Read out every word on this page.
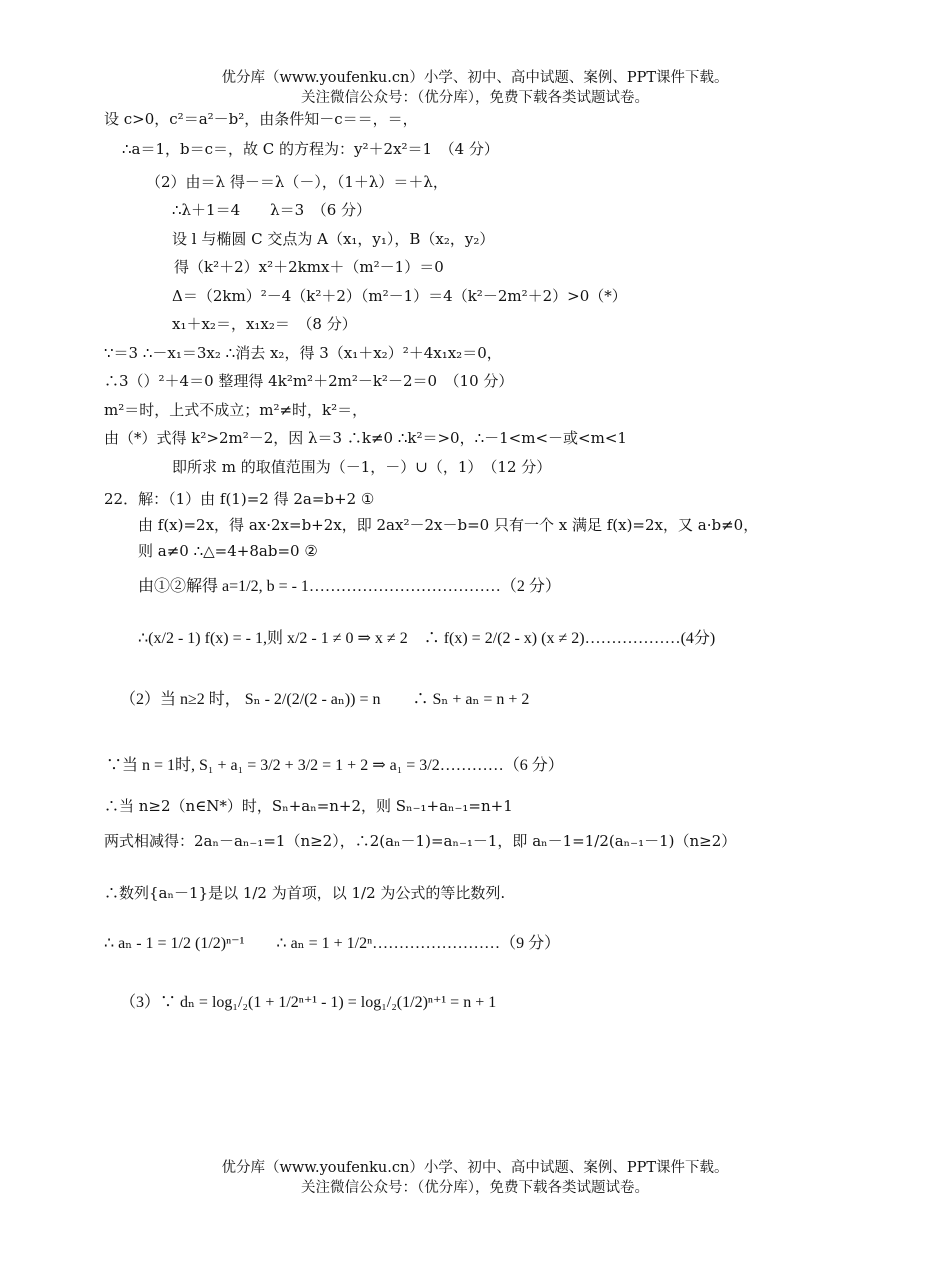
优分库（www.youfenku.cn）小学、初中、高中试题、案例、PPT课件下载。
关注微信公众号：（优分库），免费下载各类试题试卷。
设 c>0，c²＝a²－b²，由条件知－c＝＝，＝，
∴a＝1，b＝c＝，故 C 的方程为：y²＋2x²＝1　（4 分）
（2）由＝λ 得－＝λ（－），（1＋λ）＝＋λ，
∴λ＋1＝4　　λ＝3　（6 分）
设 l 与椭圆 C 交点为 A（x₁，y₁），B（x₂，y₂）
得（k²＋2）x²＋2kmx＋（m²－1）＝0
Δ＝（2km）²－4（k²＋2）（m²－1）＝4（k²－2m²＋2）>0（*）
x₁＋x₂＝，x₁x₂＝　（8 分）
∵＝3 ∴－x₁＝3x₂ ∴消去 x₂，得 3（x₁＋x₂）²＋4x₁x₂＝0，
∴3（）²＋4＝0 整理得 4k²m²＋2m²－k²－2＝0　（10 分）
m²＝时，上式不成立；m²≠时，k²＝，
由（*）式得 k²>2m²－2，因 λ＝3 ∴k≠0 ∴k²＝>0，∴－1<m<－或<m<1
即所求 m 的取值范围为（－1，－）∪（，1）　（12 分）
22．解：（1）由 f(1)=2 得 2a=b+2 ①
由 f(x)=2x，得 ax·2x=b+2x，即 2ax²－2x－b=0 只有一个 x 满足 f(x)=2x，又 a·b≠0，
则 a≠0 ∴△=4+8ab=0 ②
由①②解得 a=1/2, b = - 1………………………………（2 分）
∴(x/2 - 1) f(x) = - 1,则 x/2 - 1 ≠ 0 ⇒ x ≠ 2　∴ f(x) = 2/(2 - x) (x ≠ 2)………………(4分)
（2）当 n≥2 时， Sₙ - 2/(2/(2 - aₙ)) = n　　∴ Sₙ + aₙ = n + 2
∵当 n = 1时, S₁ + a₁ = 3/2 + 3/2 = 1 + 2 ⇒ a₁ = 3/2…………（6 分）
∴当 n≥2（n∈N*）时，Sₙ+aₙ=n+2，则 Sₙ₋₁+aₙ₋₁=n+1
两式相减得：2aₙ－aₙ₋₁=1（n≥2），∴2(aₙ－1)=aₙ₋₁－1，即 aₙ－1=1/2(aₙ₋₁－1)（n≥2）
∴数列{aₙ－1}是以 1/2 为首项，以 1/2 为公式的等比数列.
∴ aₙ - 1 = 1/2 (1/2)ⁿ⁻¹　　∴ aₙ = 1 + 1/2ⁿ……………………（9 分）
（3）∵ dₙ = log₁/₂(1 + 1/2ⁿ⁺¹ - 1) = log₁/₂(1/2)ⁿ⁺¹ = n + 1
优分库（www.youfenku.cn）小学、初中、高中试题、案例、PPT课件下载。
关注微信公众号：（优分库），免费下载各类试题试卷。
